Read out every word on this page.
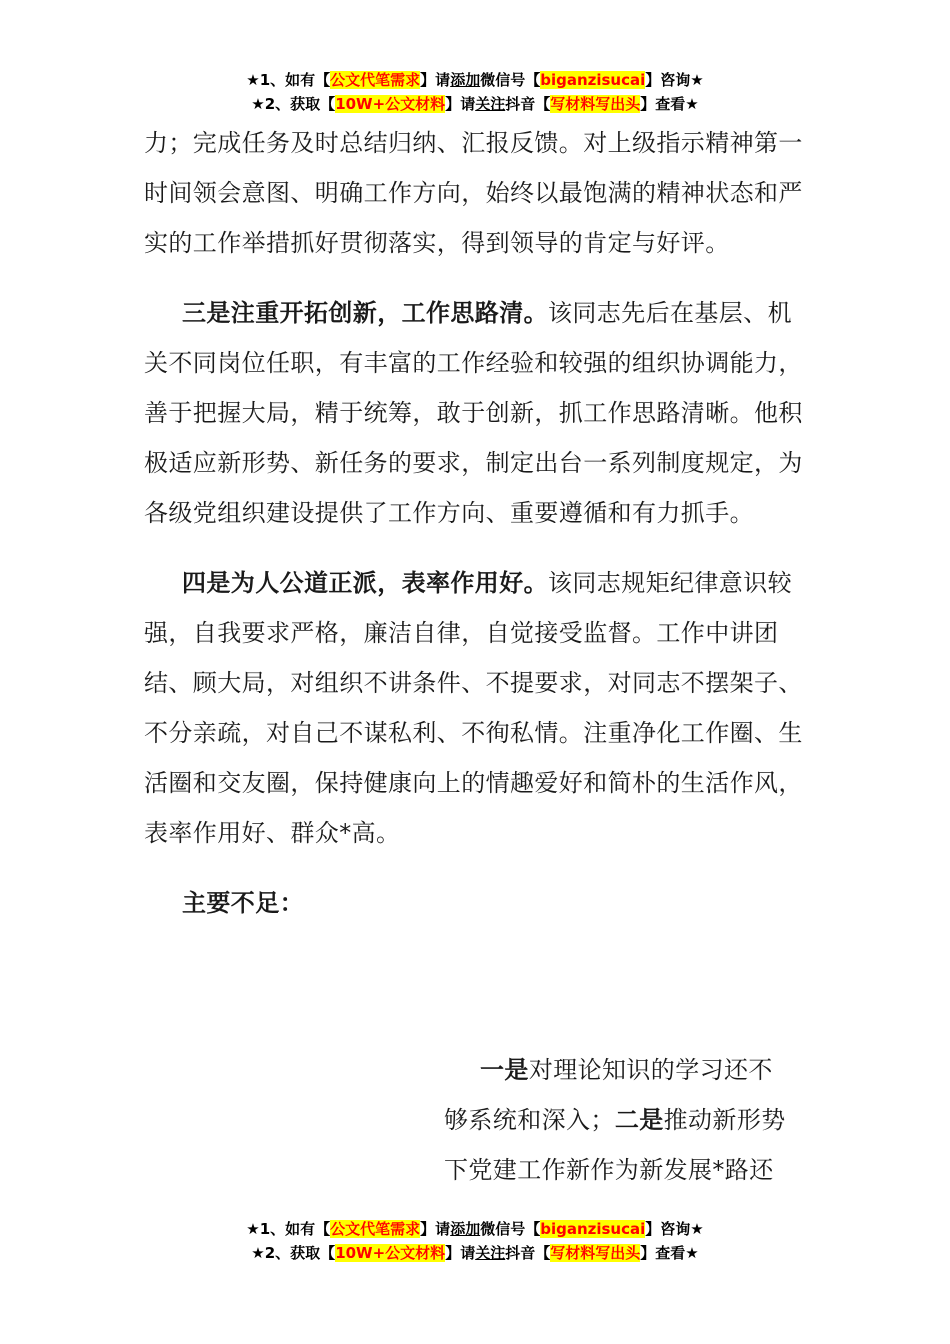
★1、如有【公文代笔需求】请添加微信号【biganzisucai】咨询★
★2、获取【10W+公文材料】请关注抖音【写材料写出头】查看★

力；完成任务及时总结归纳、汇报反馈。对上级指示精神第一时间领会意图、明确工作方向，始终以最饱满的精神状态和严实的工作举措抓好贯彻落实，得到领导的肯定与好评。

三是注重开拓创新，工作思路清。该同志先后在基层、机关不同岗位任职，有丰富的工作经验和较强的组织协调能力，善于把握大局，精于统筹，敢于创新，抓工作思路清晰。他积极适应新形势、新任务的要求，制定出台一系列制度规定，为各级党组织建设提供了工作方向、重要遵循和有力抓手。

四是为人公道正派，表率作用好。该同志规矩纪律意识较强，自我要求严格，廉洁自律，自觉接受监督。工作中讲团结、顾大局，对组织不讲条件、不提要求，对同志不摆架子、不分亲疏，对自己不谋私利、不徇私情。注重净化工作圈、生活圈和交友圈，保持健康向上的情趣爱好和简朴的生活作风，表率作用好、群众*高。

主要不足：

一是对理论知识的学习还不
够系统和深入；二是推动新形势
下党建工作新作为新发展*路还
★1、如有【公文代笔需求】请添加微信号【biganzisucai】咨询★
★2、获取【10W+公文材料】请关注抖音【写材料写出头】查看★
